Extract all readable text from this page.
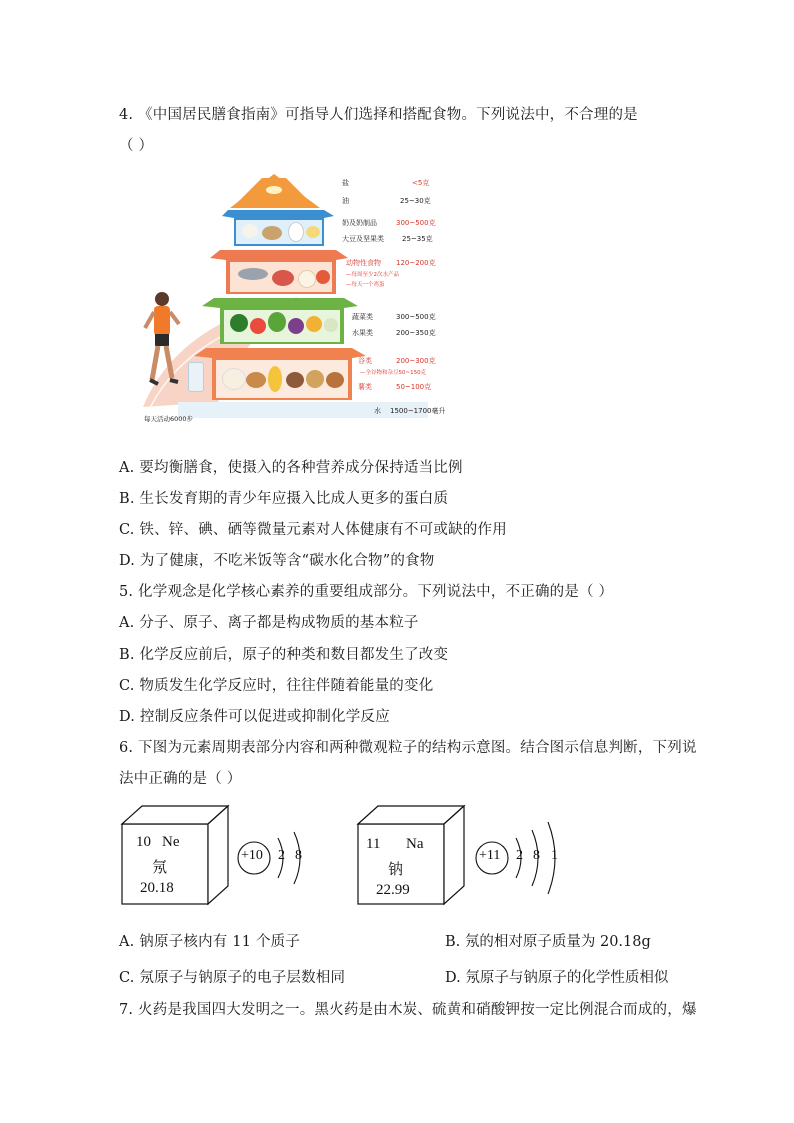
4. 《中国居民膳食指南》可指导人们选择和搭配食物。下列说法中，不合理的是
（ ）
盐	<5克
油	25~30克
奶及奶制品	300~500克
大豆及坚果类	25~35克
动物性食物 120~200克
—每周至少2次水产品
—每天一个鸡蛋
蔬菜类	300~500克
水果类	200~350克
谷类	200~300克
—全谷物和杂豆50~150克
薯类	50~100克
水 1500~1700毫升
每天活动6000步
A. 要均衡膳食，使摄入的各种营养成分保持适当比例
B. 生长发育期的青少年应摄入比成人更多的蛋白质
C. 铁、锌、碘、硒等微量元素对人体健康有不可或缺的作用
D. 为了健康，不吃米饭等含“碳水化合物”的食物
5. 化学观念是化学核心素养的重要组成部分。下列说法中，不正确的是（ ）
A. 分子、原子、离子都是构成物质的基本粒子
B. 化学反应前后，原子的种类和数目都发生了改变
C. 物质发生化学反应时，往往伴随着能量的变化
D. 控制反应条件可以促进或抑制化学反应
6. 下图为元素周期表部分内容和两种微观粒子的结构示意图。结合图示信息判断，下列说
法中正确的是（ ）
10 Ne
氖
20.18
+10 2 8
11 Na
钠
22.99
+11 2 8 1
A. 钠原子核内有 11 个质子	B. 氖的相对原子质量为 20.18g
C. 氖原子与钠原子的电子层数相同	D. 氖原子与钠原子的化学性质相似
7. 火药是我国四大发明之一。黑火药是由木炭、硫黄和硝酸钾按一定比例混合而成的，爆
